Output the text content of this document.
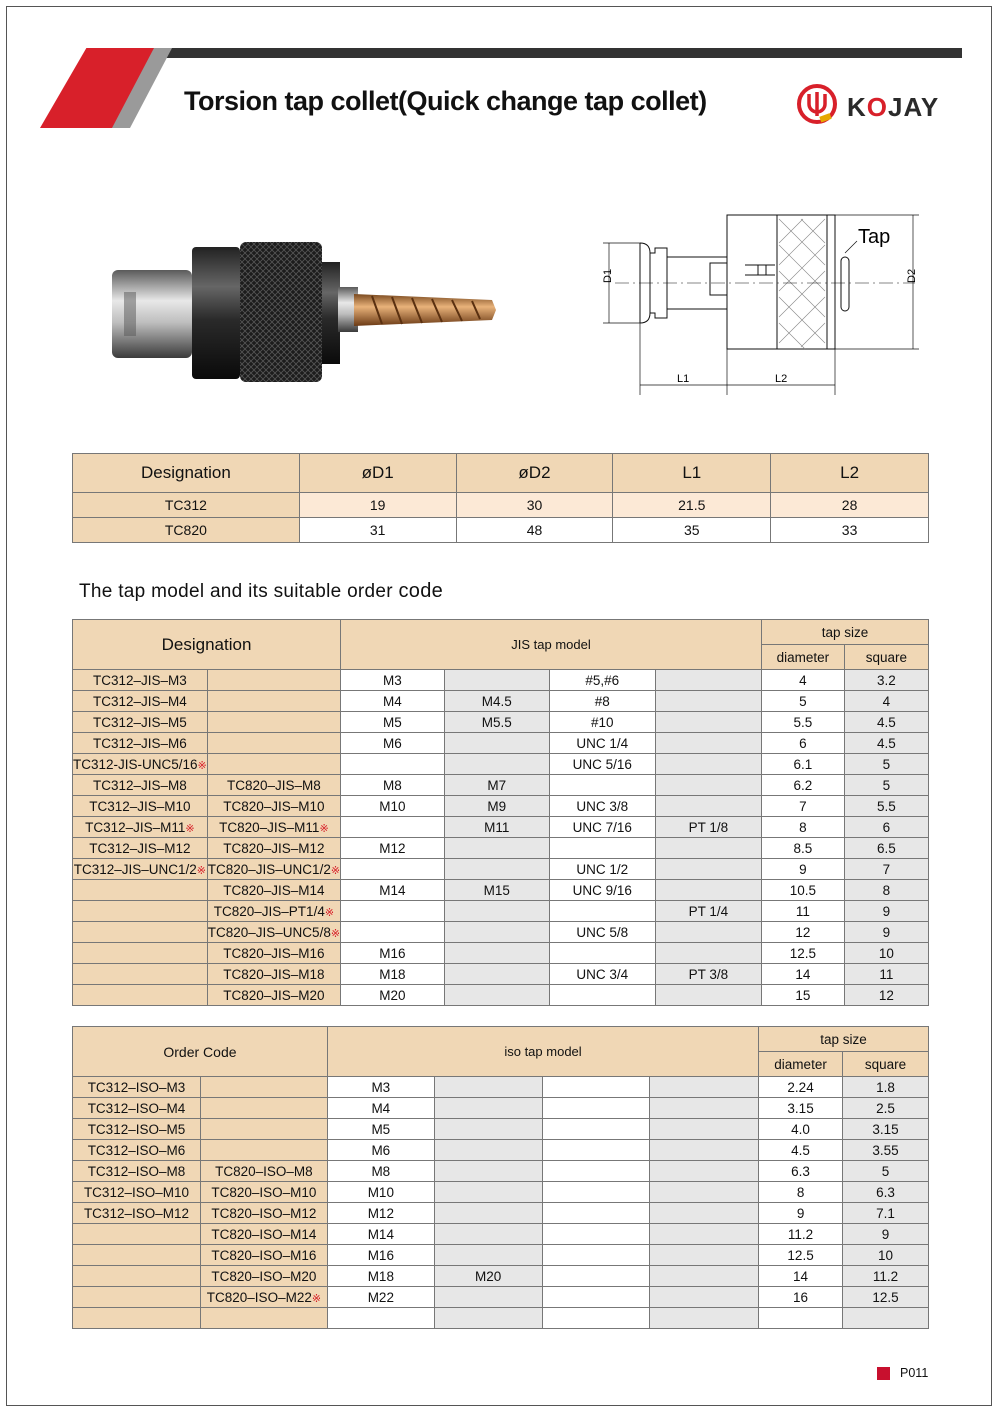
Torsion tap collet(Quick change tap collet)	KOJAY
Tap
D1	D2
L1	L2
Designation	øD1	øD2	L1	L2
TC312	19	30	21.5	28
TC820	31	48	35	33
The tap model and its suitable order code
Designation		JIS tap model				tap size	
						diameter	square
TC312–JIS–M3		M3		#5,#6		4	3.2
TC312–JIS–M4		M4	M4.5	#8		5	4
TC312–JIS–M5		M5	M5.5	#10		5.5	4.5
TC312–JIS–M6		M6		UNC 1/4		6	4.5
TC312-JIS-UNC5/16※				UNC 5/16		6.1	5
TC312–JIS–M8	TC820–JIS–M8	M8	M7			6.2	5
TC312–JIS–M10	TC820–JIS–M10	M10	M9	UNC 3/8		7	5.5
TC312–JIS–M11※	TC820–JIS–M11※		M11	UNC 7/16	PT 1/8	8	6
TC312–JIS–M12	TC820–JIS–M12	M12				8.5	6.5
TC312–JIS–UNC1/2※	TC820–JIS–UNC1/2※			UNC 1/2		9	7
	TC820–JIS–M14	M14	M15	UNC 9/16		10.5	8
	TC820–JIS–PT1/4※				PT 1/4	11	9
	TC820–JIS–UNC5/8※			UNC 5/8		12	9
	TC820–JIS–M16	M16				12.5	10
	TC820–JIS–M18	M18		UNC 3/4	PT 3/8	14	11
	TC820–JIS–M20	M20				15	12
Order Code		iso tap model				tap size	
						diameter	square
TC312–ISO–M3		M3				2.24	1.8
TC312–ISO–M4		M4				3.15	2.5
TC312–ISO–M5		M5				4.0	3.15
TC312–ISO–M6		M6				4.5	3.55
TC312–ISO–M8	TC820–ISO–M8	M8				6.3	5
TC312–ISO–M10	TC820–ISO–M10	M10				8	6.3
TC312–ISO–M12	TC820–ISO–M12	M12				9	7.1
	TC820–ISO–M14	M14				11.2	9
	TC820–ISO–M16	M16				12.5	10
	TC820–ISO–M20	M18	M20			14	11.2
	TC820–ISO–M22※	M22				16	12.5

P011
